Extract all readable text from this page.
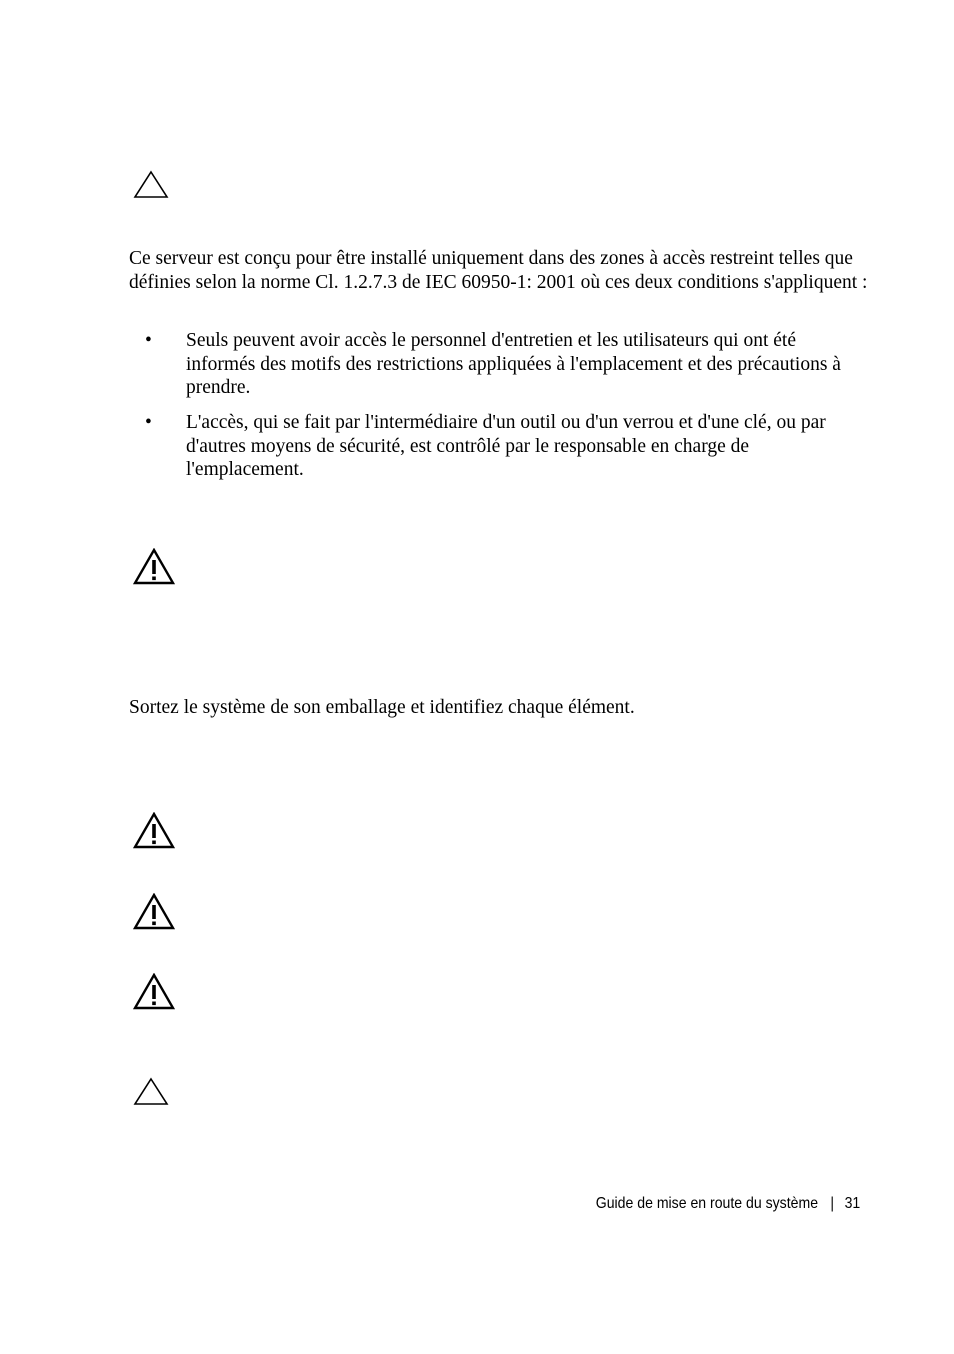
Ce serveur est conçu pour être installé uniquement dans des zones à accès restreint telles que définies selon la norme Cl. 1.2.7.3 de IEC 60950-1: 2001 où ces deux conditions s'appliquent :

• Seuls peuvent avoir accès le personnel d'entretien et les utilisateurs qui ont été informés des motifs des restrictions appliquées à l'emplacement et des précautions à prendre.

• L'accès, qui se fait par l'intermédiaire d'un outil ou d'un verrou et d'une clé, ou par d'autres moyens de sécurité, est contrôlé par le responsable en charge de l'emplacement.

Sortez le système de son emballage et identifiez chaque élément.

Guide de mise en route du système | 31
